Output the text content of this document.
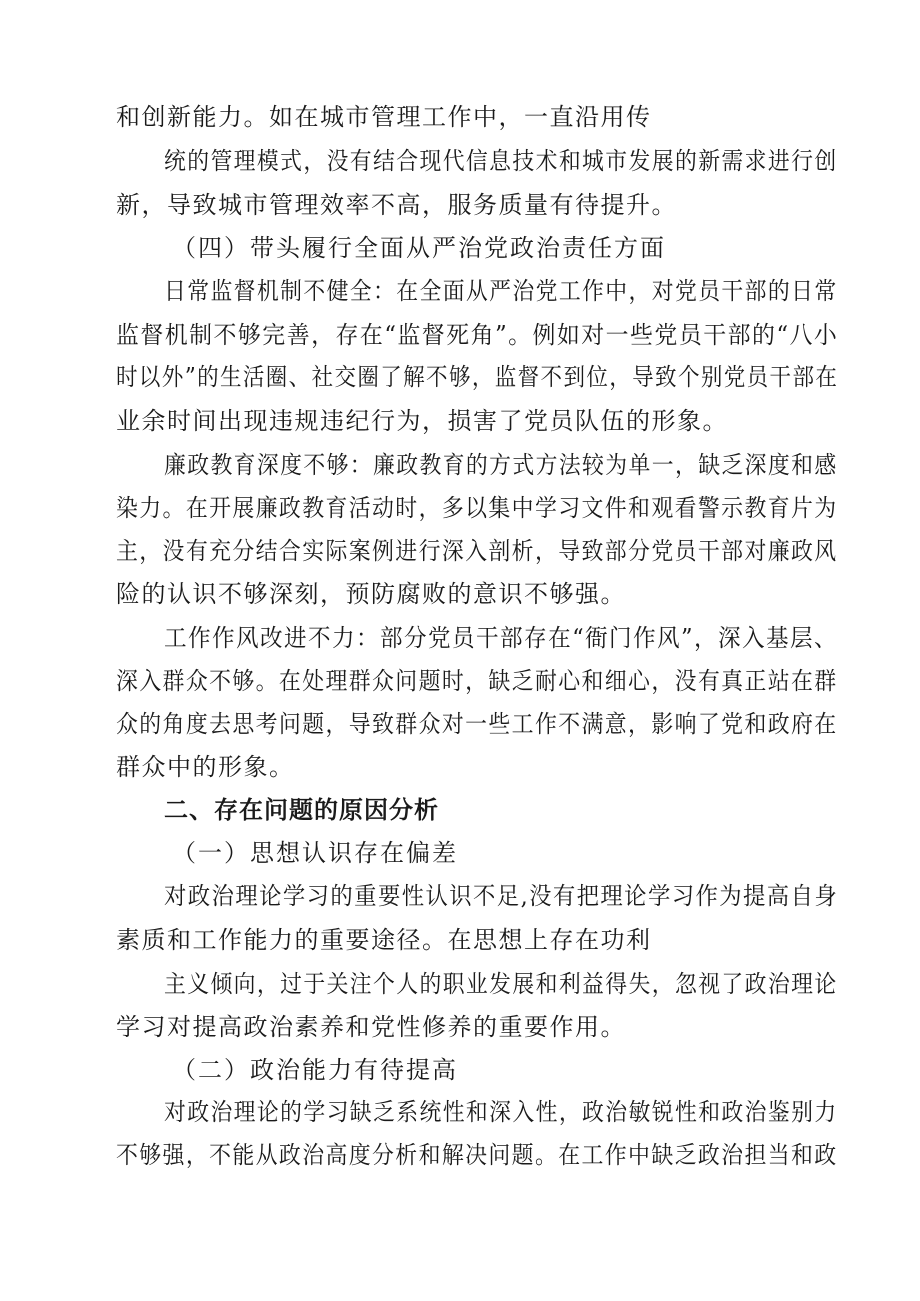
和创新能力。如在城市管理工作中，一直沿用传
统的管理模式，没有结合现代信息技术和城市发展的新需求进行创
新，导致城市管理效率不高，服务质量有待提升。
（四）带头履行全面从严治党政治责任方面
日常监督机制不健全：在全面从严治党工作中，对党员干部的日常
监督机制不够完善，存在“监督死角”。例如对一些党员干部的“八小
时以外”的生活圈、社交圈了解不够，监督不到位，导致个别党员干部在
业余时间出现违规违纪行为，损害了党员队伍的形象。
廉政教育深度不够：廉政教育的方式方法较为单一，缺乏深度和感
染力。在开展廉政教育活动时，多以集中学习文件和观看警示教育片为
主，没有充分结合实际案例进行深入剖析，导致部分党员干部对廉政风
险的认识不够深刻，预防腐败的意识不够强。
工作作风改进不力：部分党员干部存在“衙门作风”，深入基层、
深入群众不够。在处理群众问题时，缺乏耐心和细心，没有真正站在群
众的角度去思考问题，导致群众对一些工作不满意，影响了党和政府在
群众中的形象。
二、存在问题的原因分析
（一）思想认识存在偏差
对政治理论学习的重要性认识不足,没有把理论学习作为提高自身
素质和工作能力的重要途径。在思想上存在功利
主义倾向，过于关注个人的职业发展和利益得失，忽视了政治理论
学习对提高政治素养和党性修养的重要作用。
（二）政治能力有待提高
对政治理论的学习缺乏系统性和深入性，政治敏锐性和政治鉴别力
不够强，不能从政治高度分析和解决问题。在工作中缺乏政治担当和政
